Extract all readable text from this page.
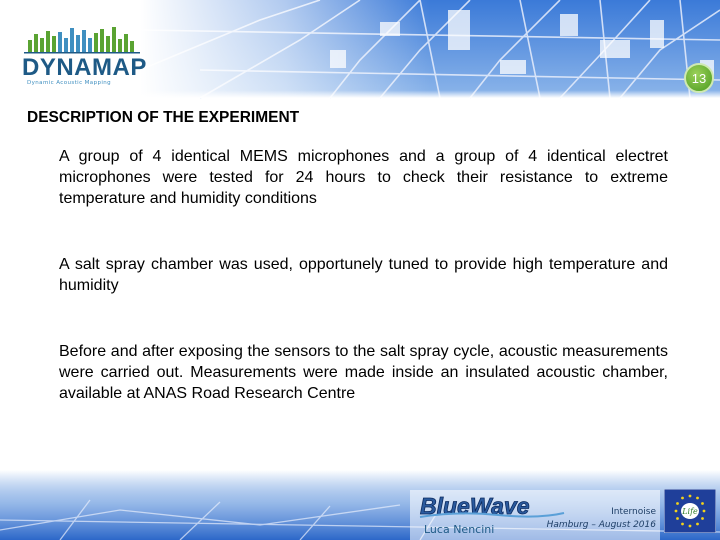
DYNAMAP
Dynamic Acoustic Mapping	13
DESCRIPTION OF THE EXPERIMENT

A group of 4 identical MEMS microphones and a group of 4 identical electret microphones were tested for 24 hours to check their resistance to extreme temperature and humidity conditions

A salt spray chamber was used, opportunely tuned to provide high temperature and humidity

Before and after exposing the sensors to the salt spray cycle, acoustic measurements were carried out. Measurements were made inside an insulated acoustic chamber, available at ANAS Road Research Centre

BlueWave
Luca Nencini
Internoise
Hamburg – August 2016
Life
